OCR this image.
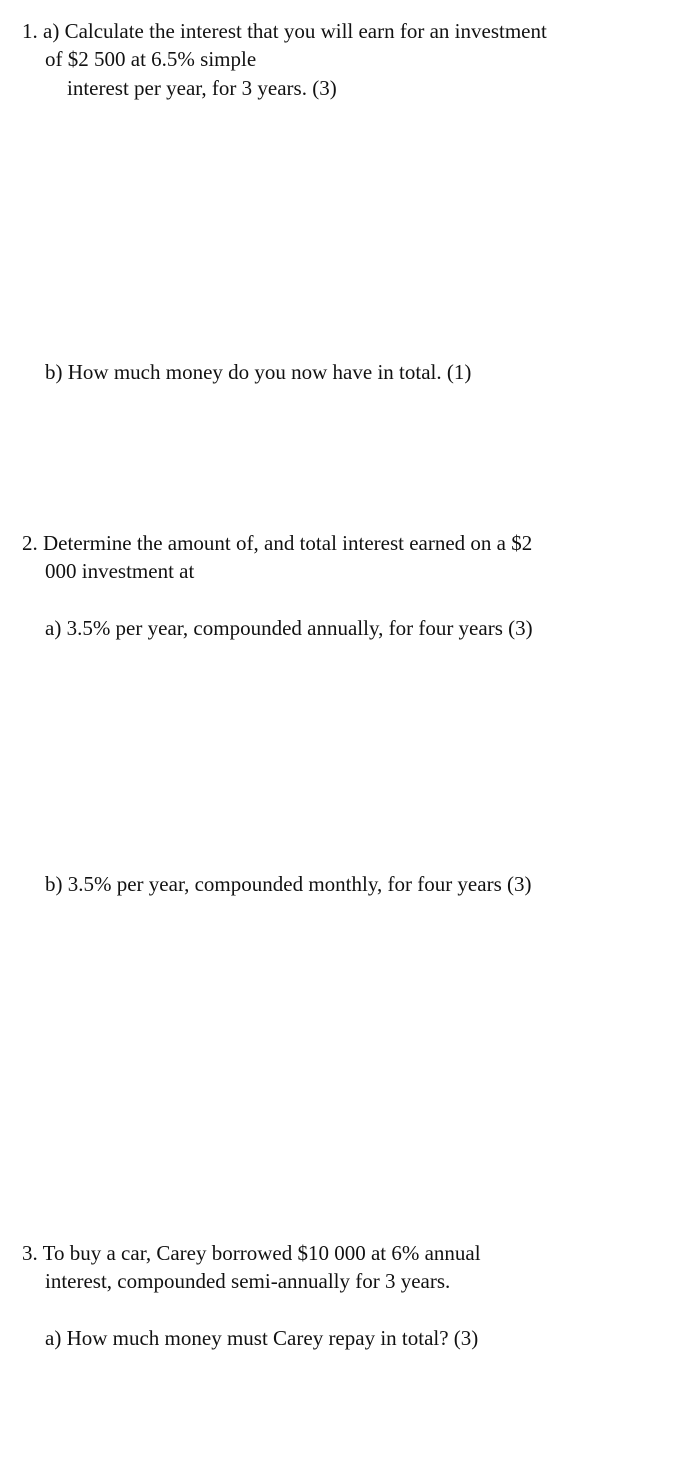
1. a) Calculate the interest that you will earn for an investment

of $2 500 at 6.5% simple

interest per year, for 3 years. (3)

b) How much money do you now have in total. (1)

2. Determine the amount of, and total interest earned on a $2

000 investment at

a) 3.5% per year, compounded annually, for four years (3)

b) 3.5% per year, compounded monthly, for four years (3)

3. To buy a car, Carey borrowed $10 000 at 6% annual

interest, compounded semi-annually for 3 years.

a) How much money must Carey repay in total? (3)
